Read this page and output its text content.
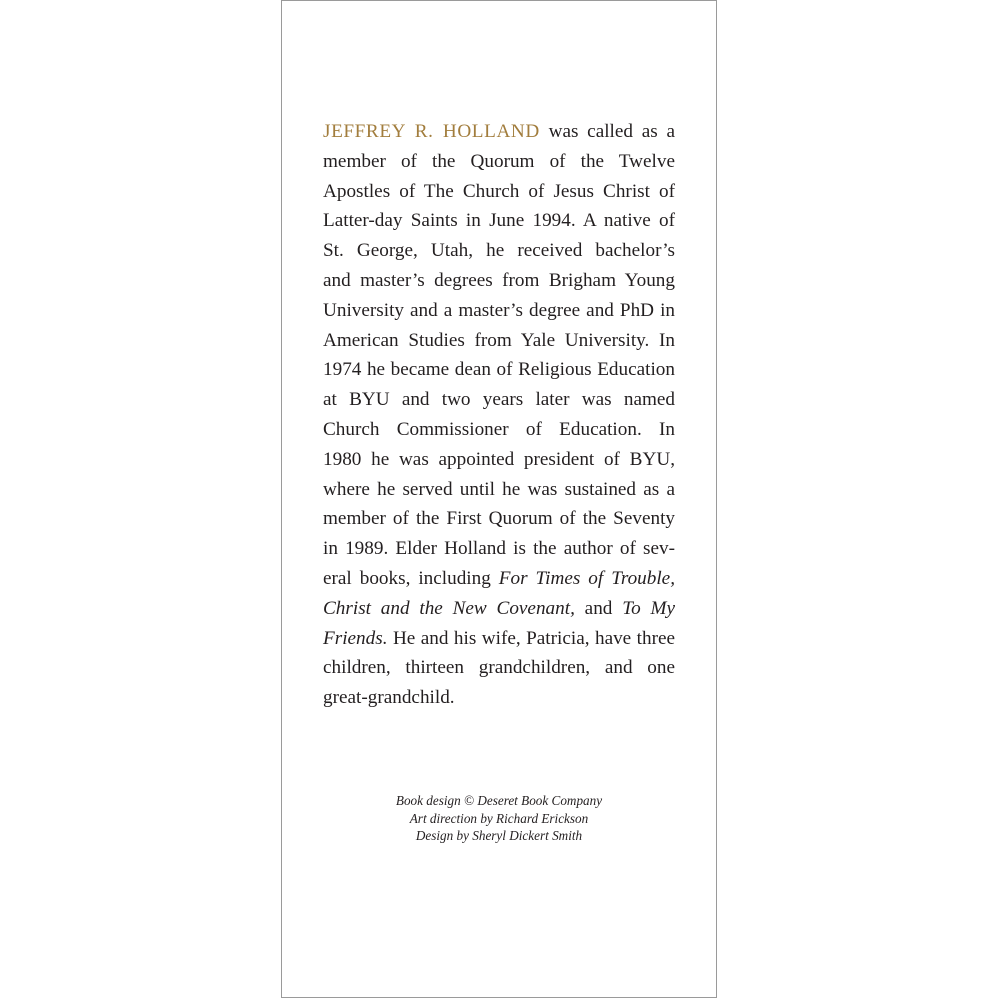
JEFFREY R. HOLLAND was called as a
member of the Quorum of the Twelve
Apostles of The Church of Jesus Christ of
Latter-day Saints in June 1994. A native of
St. George, Utah, he received bachelor’s
and master’s degrees from Brigham Young
University and a master’s degree and PhD in
American Studies from Yale University. In
1974 he became dean of Religious Education
at BYU and two years later was named
Church Commissioner of Education. In
1980 he was appointed president of BYU,
where he served until he was sustained as a
member of the First Quorum of the Seventy
in 1989. Elder Holland is the author of sev-
eral books, including For Times of Trouble,
Christ and the New Covenant, and To My
Friends. He and his wife, Patricia, have three
children, thirteen grandchildren, and one
great-grandchild.
Book design © Deseret Book Company
Art direction by Richard Erickson
Design by Sheryl Dickert Smith
